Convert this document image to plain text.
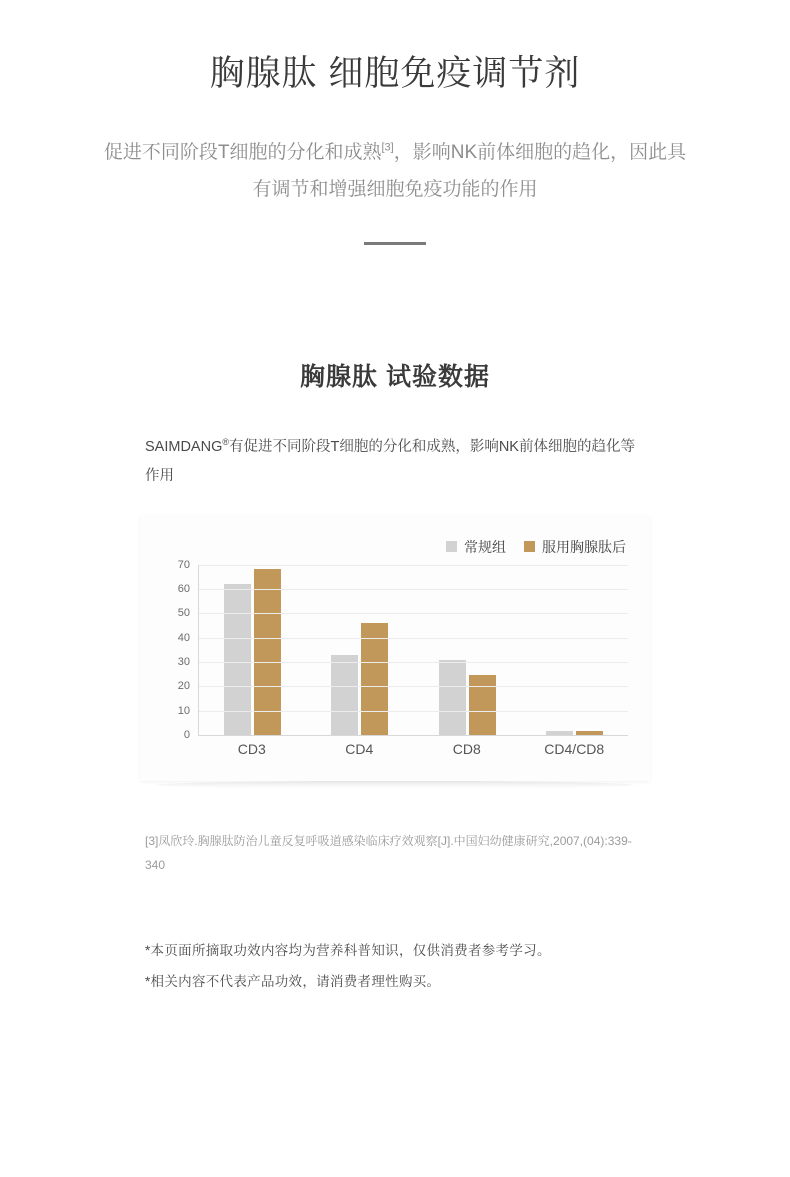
胸腺肽 细胞免疫调节剂
促进不同阶段T细胞的分化和成熟[3]，影响NK前体细胞的趋化，因此具有调节和增强细胞免疫功能的作用
胸腺肽 试验数据
SAIMDANG®有促进不同阶段T细胞的分化和成熟，影响NK前体细胞的趋化等作用
常规组	服用胸腺肽后
0
10
20
30
40
50
60
70
CD3	CD4	CD8	CD4/CD8
[3]凤欣玲.胸腺肽防治儿童反复呼吸道感染临床疗效观察[J].中国妇幼健康研究,2007,(04):339-340
*本页面所摘取功效内容均为营养科普知识，仅供消费者参考学习。
*相关内容不代表产品功效，请消费者理性购买。
